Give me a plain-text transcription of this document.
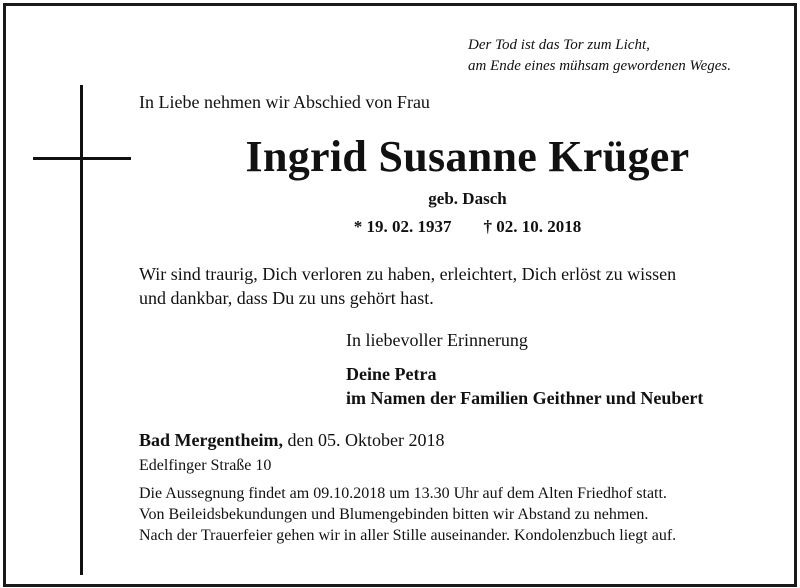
Der Tod ist das Tor zum Licht,
am Ende eines mühsam gewordenen Weges.
In Liebe nehmen wir Abschied von Frau
Ingrid Susanne Krüger
geb. Dasch
* 19. 02. 1937 † 02. 10. 2018
Wir sind traurig, Dich verloren zu haben, erleichtert, Dich erlöst zu wissen
und dankbar, dass Du zu uns gehört hast.
In liebevoller Erinnerung
Deine Petra
im Namen der Familien Geithner und Neubert
Bad Mergentheim, den 05. Oktober 2018
Edelfinger Straße 10
Die Aussegnung findet am 09.10.2018 um 13.30 Uhr auf dem Alten Friedhof statt.
Von Beileidsbekundungen und Blumengebinden bitten wir Abstand zu nehmen.
Nach der Trauerfeier gehen wir in aller Stille auseinander. Kondolenzbuch liegt auf.
